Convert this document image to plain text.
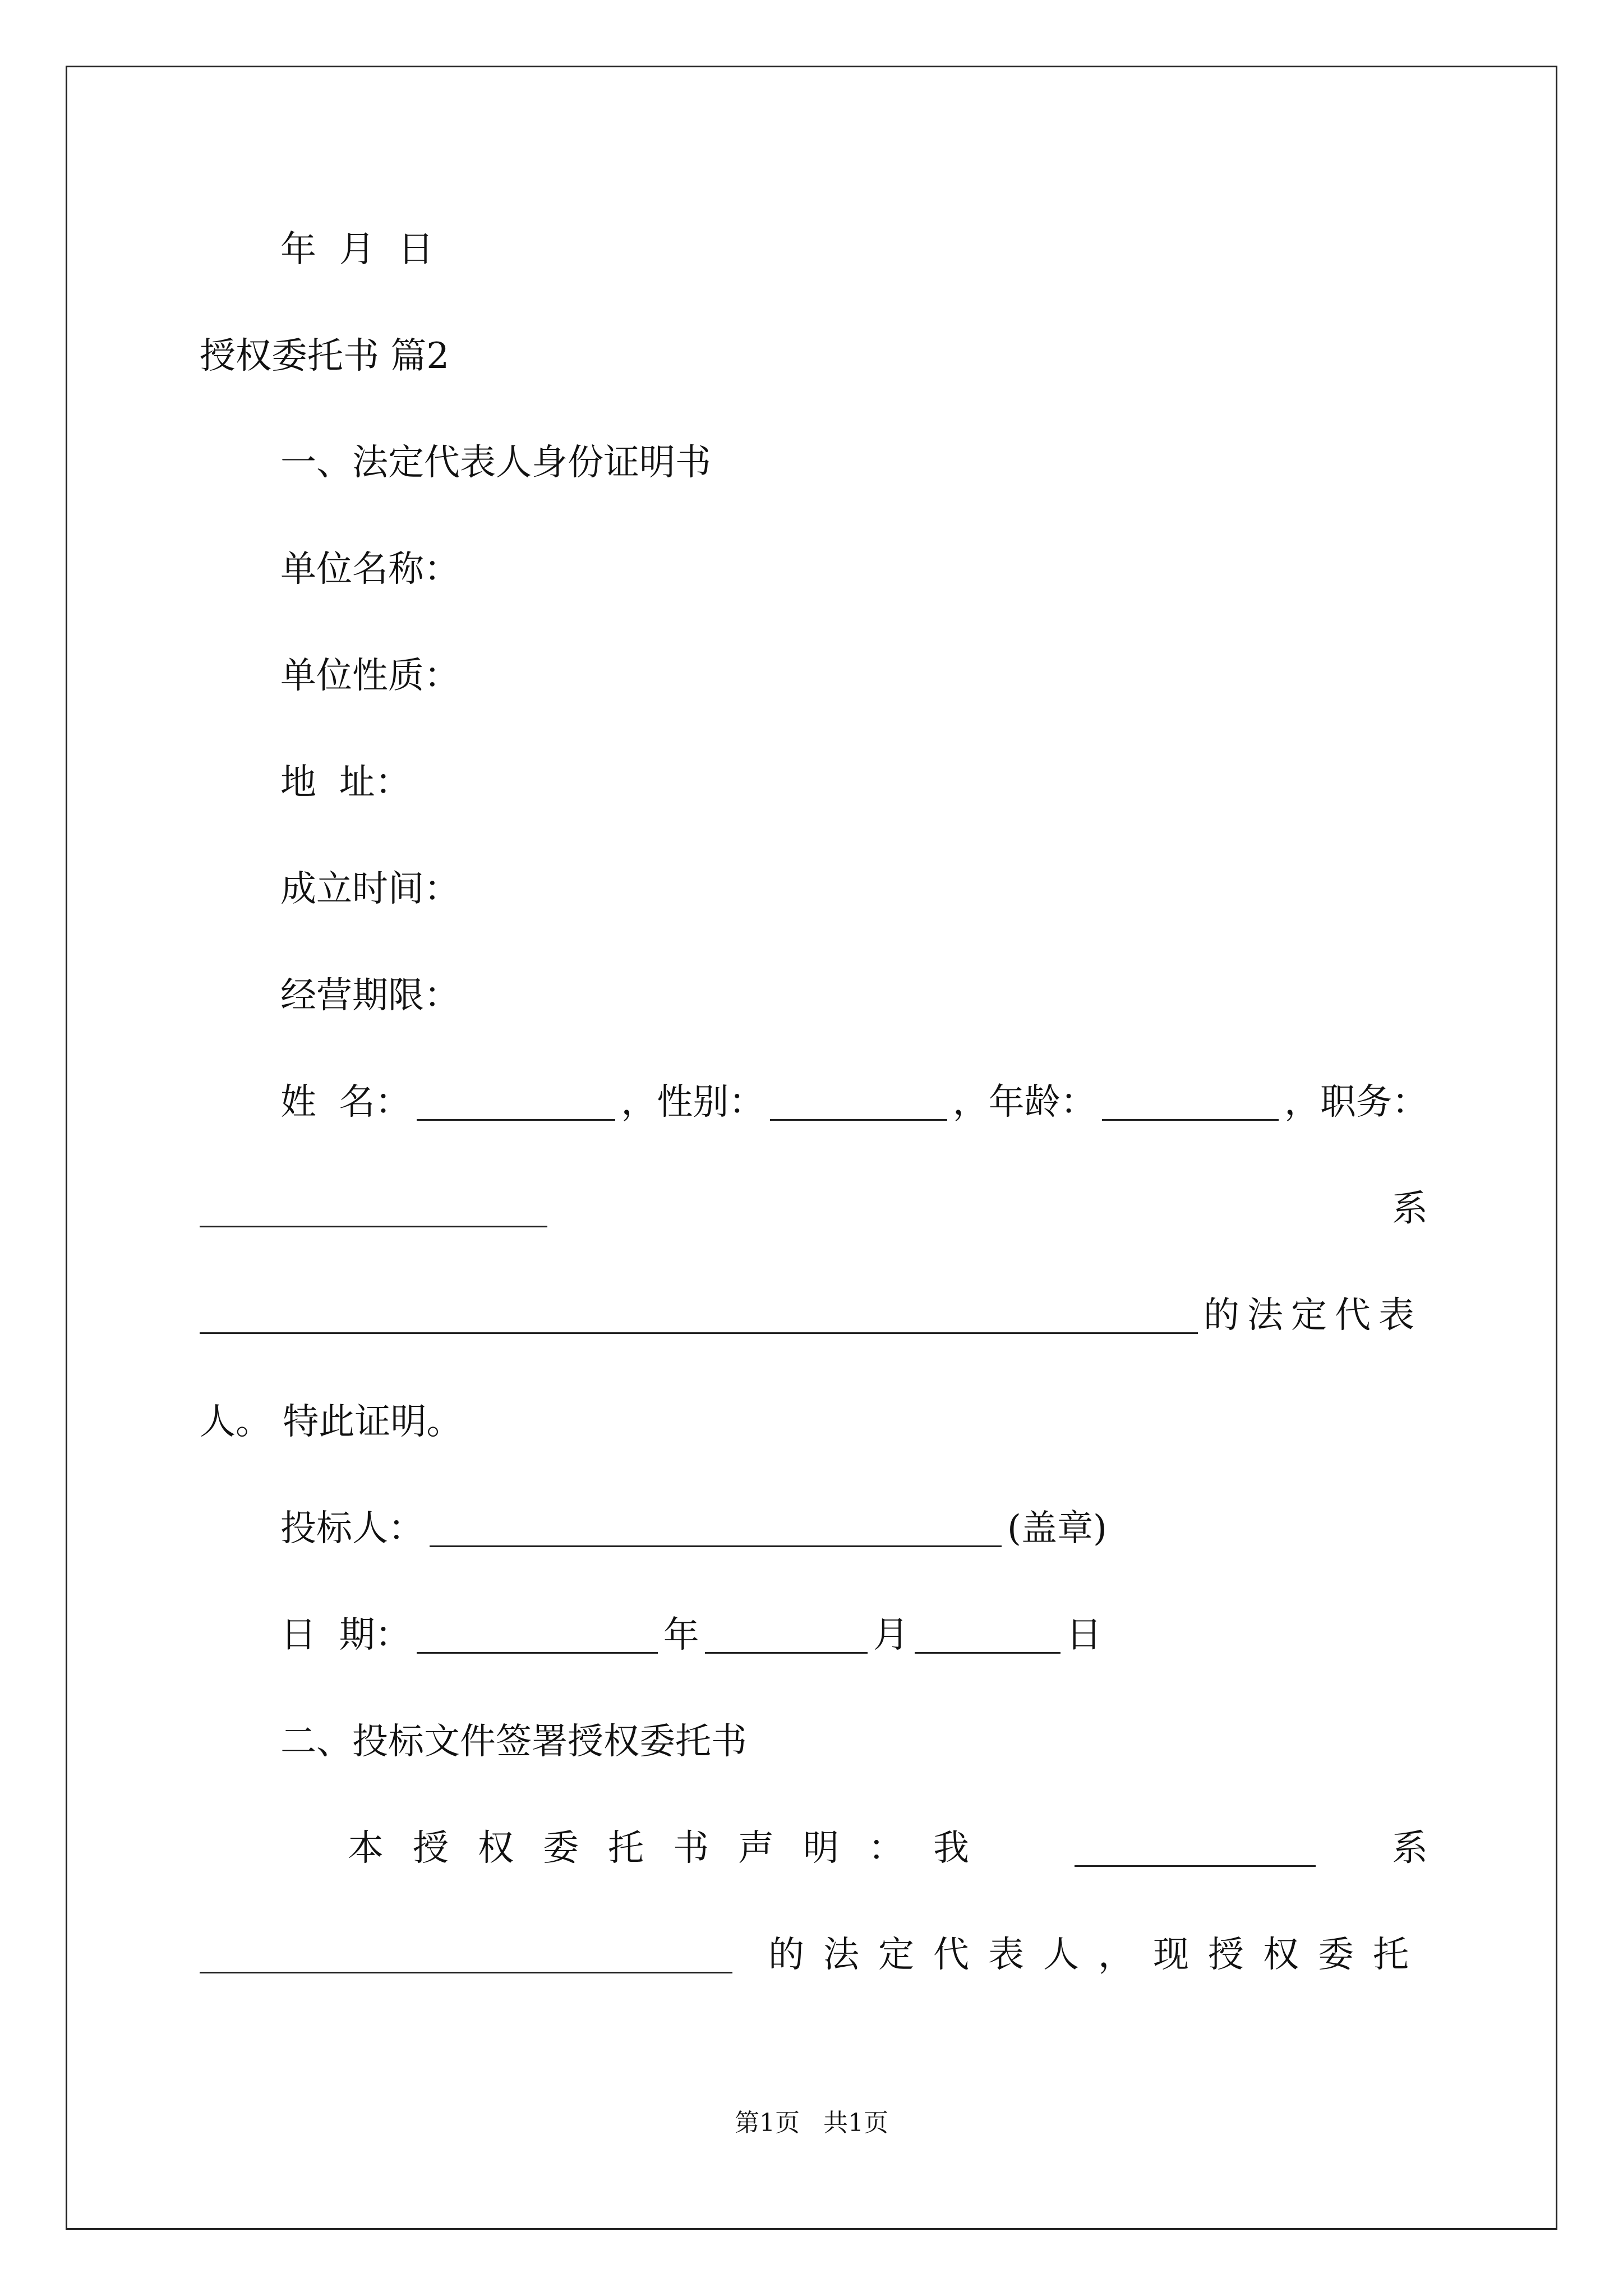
年  月  日
授权委托书 篇2
一、法定代表人身份证明书
单位名称：
单位性质：
地  址：
成立时间：
经营期限：
姓  名：	，性别：	，年龄：	，职务：
系
的法定代表
人。 特此证明。
投标人：	(盖章)
日  期：	年	月	日
二、投标文件签署授权委托书
本授权委托书声明：我	系
的法定代表人，现授权委托
第1页   共1页
